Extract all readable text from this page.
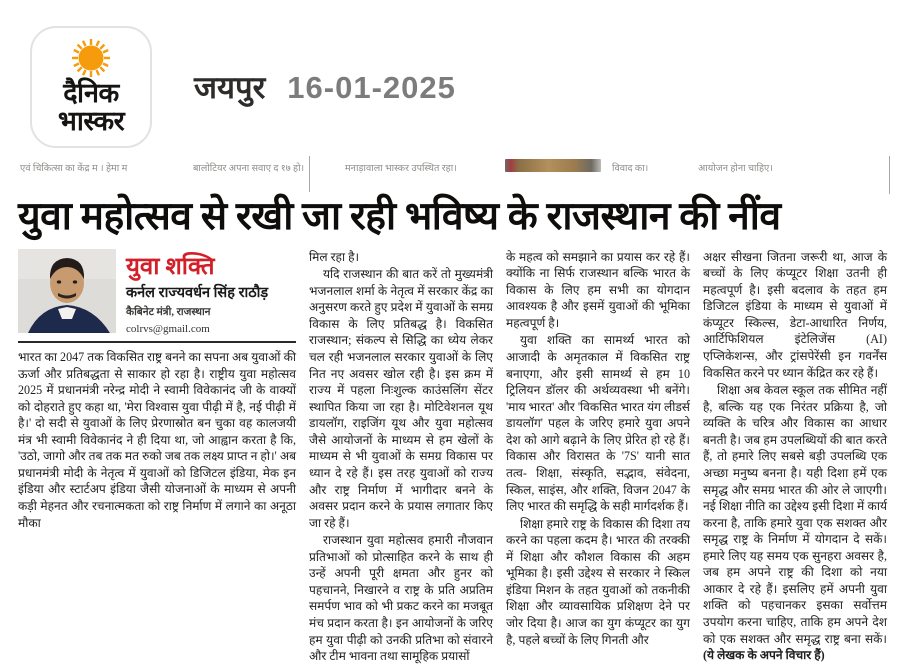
दैनिक
भास्कर
जयपुर 16-01-2025
एवं चिकित्सा का केंद्र म । हेमा म	बालोटियर अपना सवाए द १७ हो।	मनाड़ावाला भास्कर उपस्थित रहा।	विवाद का।	आयोजन होना चाहिए।
युवा महोत्सव से रखी जा रही भविष्य के राजस्थान की नींव
युवा शक्ति
कर्नल राज्यवर्धन सिंह राठौड़
कैबिनेट मंत्री, राजस्थान
colrvs@gmail.com

भारत का 2047 तक विकसित राष्ट्र बनने का सपना अब युवाओं की ऊर्जा और प्रतिबद्धता से साकार हो रहा है। राष्ट्रीय युवा महोत्सव 2025 में प्रधानमंत्री नरेन्द्र मोदी ने स्वामी विवेकानंद जी के वाक्यों को दोहराते हुए कहा था, 'मेरा विश्वास युवा पीढ़ी में है, नई पीढ़ी में है।' दो सदी से युवाओं के लिए प्रेरणास्रोत बन चुका वह कालजयी मंत्र भी स्वामी विवेकानंद ने ही दिया था, जो आह्वान करता है कि, 'उठो, जागो और तब तक मत रुको जब तक लक्ष्य प्राप्त न हो।' अब प्रधानमंत्री मोदी के नेतृत्व में युवाओं को डिजिटल इंडिया, मेक इन इंडिया और स्टार्टअप इंडिया जैसी योजनाओं के माध्यम से अपनी कड़ी मेहनत और रचनात्मकता को राष्ट्र निर्माण में लगाने का अनूठा मौका

मिल रहा है।

यदि राजस्थान की बात करें तो मुख्यमंत्री भजनलाल शर्मा के नेतृत्व में सरकार केंद्र का अनुसरण करते हुए प्रदेश में युवाओं के समग्र विकास के लिए प्रतिबद्ध है। विकसित राजस्थान; संकल्प से सिद्धि का ध्येय लेकर चल रही भजनलाल सरकार युवाओं के लिए नित नए अवसर खोल रही है। इस क्रम में राज्य में पहला निःशुल्क काउंसलिंग सेंटर स्थापित किया जा रहा है। मोटिवेशनल यूथ डायलॉग, राइजिंग यूथ और युवा महोत्सव जैसे आयोजनों के माध्यम से हम खेलों के माध्यम से भी युवाओं के समग्र विकास पर ध्यान दे रहे हैं। इस तरह युवाओं को राज्य और राष्ट्र निर्माण में भागीदार बनने के अवसर प्रदान करने के प्रयास लगातार किए जा रहे हैं।

राजस्थान युवा महोत्सव हमारी नौजवान प्रतिभाओं को प्रोत्साहित करने के साथ ही उन्हें अपनी पूरी क्षमता और हुनर को पहचानने, निखारने व राष्ट्र के प्रति अप्रतिम समर्पण भाव को भी प्रकट करने का मजबूत मंच प्रदान करता है। इन आयोजनों के जरिए हम युवा पीढ़ी को उनकी प्रतिभा को संवारने और टीम भावना तथा सामूहिक प्रयासों

के महत्व को समझाने का प्रयास कर रहे हैं। क्योंकि ना सिर्फ राजस्थान बल्कि भारत के विकास के लिए हम सभी का योगदान आवश्यक है और इसमें युवाओं की भूमिका महत्वपूर्ण है।

युवा शक्ति का सामर्थ्य भारत को आजादी के अमृतकाल में विकसित राष्ट्र बनाएगा, और इसी सामर्थ्य से हम 10 ट्रिलियन डॉलर की अर्थव्यवस्था भी बनेंगे। 'माय भारत' और 'विकसित भारत यंग लीडर्स डायलॉग' पहल के जरिए हमारे युवा अपने देश को आगे बढ़ाने के लिए प्रेरित हो रहे हैं। विकास और विरासत के '7S' यानी सात तत्व- शिक्षा, संस्कृति, सद्भाव, संवेदना, स्किल, साइंस, और शक्ति, विजन 2047 के लिए भारत की समृद्धि के सही मार्गदर्शक हैं।

शिक्षा हमारे राष्ट्र के विकास की दिशा तय करने का पहला कदम है। भारत की तरक्की में शिक्षा और कौशल विकास की अहम भूमिका है। इसी उद्देश्य से सरकार ने स्किल इंडिया मिशन के तहत युवाओं को तकनीकी शिक्षा और व्यावसायिक प्रशिक्षण देने पर जोर दिया है। आज का युग कंप्यूटर का युग है, पहले बच्चों के लिए गिनती और

अक्षर सीखना जितना जरूरी था, आज के बच्चों के लिए कंप्यूटर शिक्षा उतनी ही महत्वपूर्ण है। इसी बदलाव के तहत हम डिजिटल इंडिया के माध्यम से युवाओं में कंप्यूटर स्किल्स, डेटा-आधारित निर्णय, आर्टिफिशियल इंटेलिजेंस (AI) एप्लिकेशन्स, और ट्रांसपेरेंसी इन गवर्नेंस विकसित करने पर ध्यान केंद्रित कर रहे हैं।

शिक्षा अब केवल स्कूल तक सीमित नहीं है, बल्कि यह एक निरंतर प्रक्रिया है, जो व्यक्ति के चरित्र और विकास का आधार बनती है। जब हम उपलब्धियों की बात करते हैं, तो हमारे लिए सबसे बड़ी उपलब्धि एक अच्छा मनुष्य बनना है। यही दिशा हमें एक समृद्ध और समग्र भारत की ओर ले जाएगी। नई शिक्षा नीति का उद्देश्य इसी दिशा में कार्य करना है, ताकि हमारे युवा एक सशक्त और समृद्ध राष्ट्र के निर्माण में योगदान दे सकें। हमारे लिए यह समय एक सुनहरा अवसर है, जब हम अपने राष्ट्र की दिशा को नया आकार दे रहे हैं। इसलिए हमें अपनी युवा शक्ति को पहचानकर इसका सर्वोत्तम उपयोग करना चाहिए, ताकि हम अपने देश को एक सशक्त और समृद्ध राष्ट्र बना सकें। (ये लेखक के अपने विचार हैं)
